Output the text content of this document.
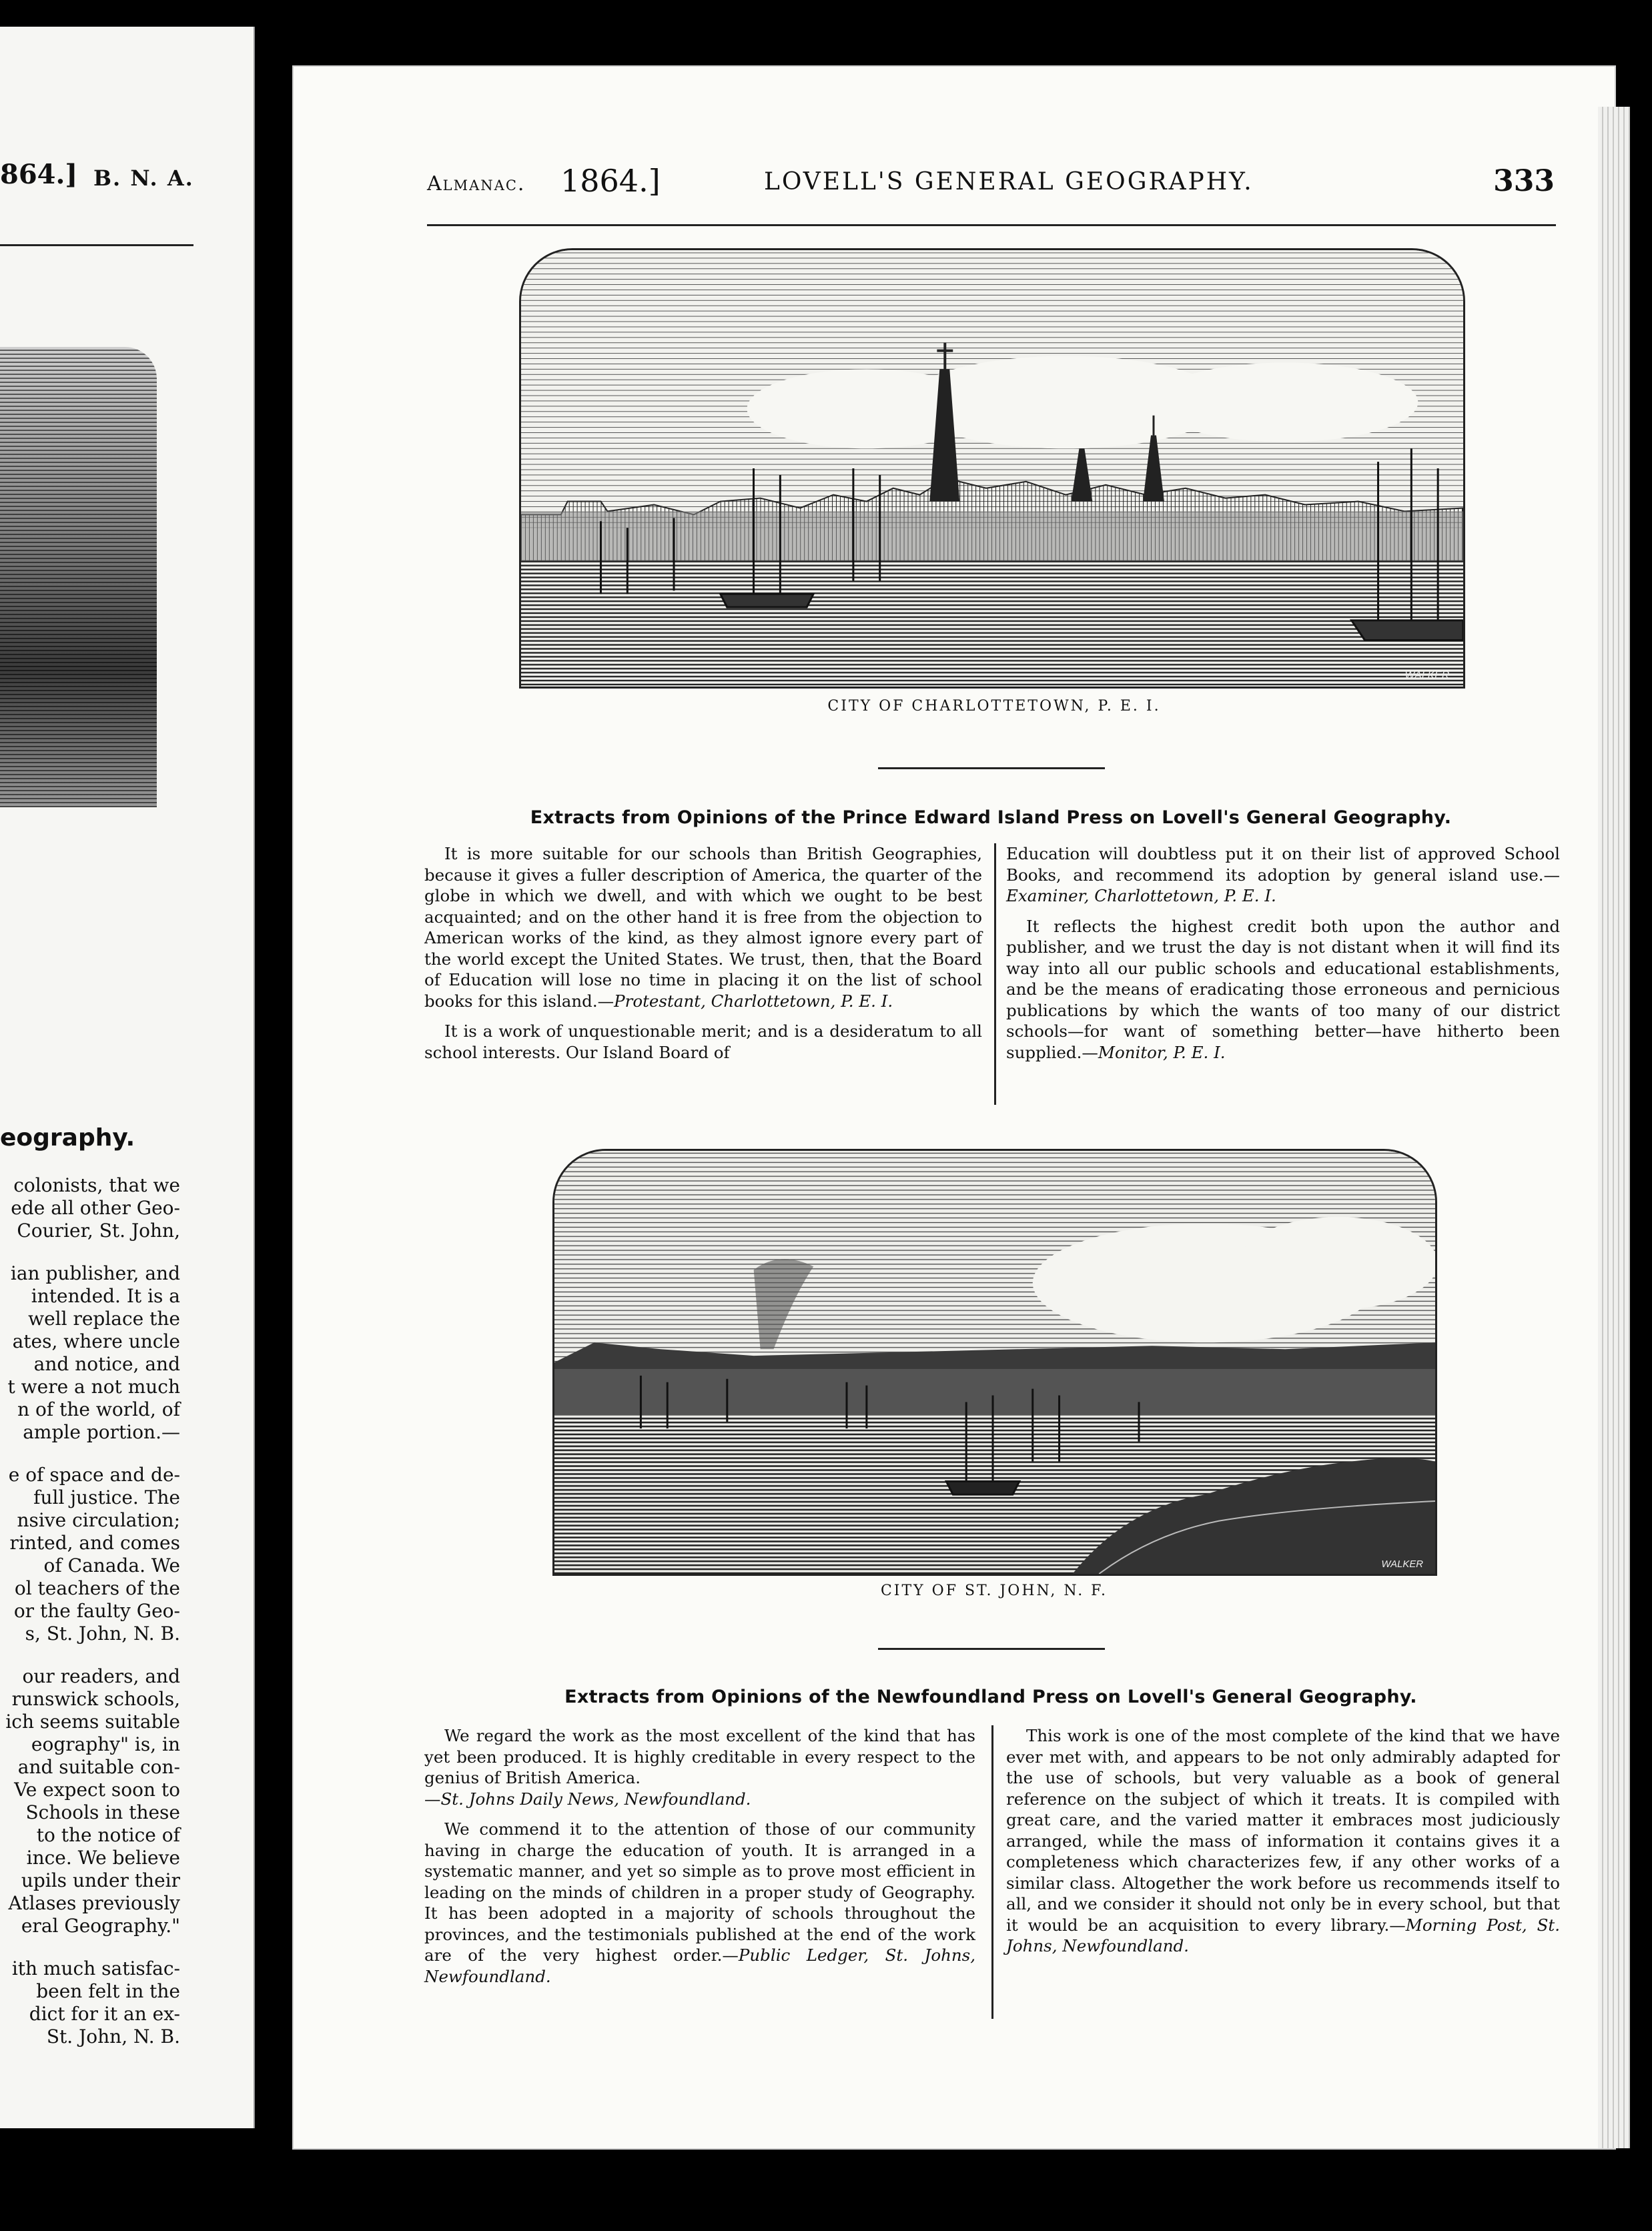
864.] B. N. A.
eography.
colonists, that we
ede all other Geo-
Courier, St. John,
ian publisher, and
intended. It is a
well replace the
ates, where uncle
and notice, and
t were a not much
n of the world, of
ample portion.—
e of space and de-
full justice. The
nsive circulation;
rinted, and comes
of Canada. We
ol teachers of the
or the faulty Geo-
s, St. John, N. B.
our readers, and
runswick schools,
ich seems suitable
eography" is, in
and suitable con-
Ve expect soon to
Schools in these
to the notice of
ince. We believe
upils under their
Atlases previously
eral Geography."
ith much satisfac-
been felt in the
dict for it an ex-
St. John, N. B.
Almanac. 1864.]	LOVELL'S GENERAL GEOGRAPHY.	333
WALKER
CITY OF CHARLOTTETOWN, P. E. I.
Extracts from Opinions of the Prince Edward Island Press on Lovell's General Geography.

It is more suitable for our schools than British Geographies, because it gives a fuller description of America, the quarter of the globe in which we dwell, and with which we ought to be best acquainted; and on the other hand it is free from the objection to American works of the kind, as they almost ignore every part of the world except the United States. We trust, then, that the Board of Education will lose no time in placing it on the list of school books for this island.—Protestant, Charlottetown, P. E. I.

It is a work of unquestionable merit; and is a desideratum to all school interests. Our Island Board of

Education will doubtless put it on their list of approved School Books, and recommend its adoption by general island use.—Examiner, Charlottetown, P. E. I.

It reflects the highest credit both upon the author and publisher, and we trust the day is not distant when it will find its way into all our public schools and educational establishments, and be the means of eradicating those erroneous and pernicious publications by which the wants of too many of our district schools—for want of something better—have hitherto been supplied.—Monitor, P. E. I.

WALKER
CITY OF ST. JOHN, N. F.
Extracts from Opinions of the Newfoundland Press on Lovell's General Geography.

We regard the work as the most excellent of the kind that has yet been produced. It is highly creditable in every respect to the genius of British America.
—St. Johns Daily News, Newfoundland.

We commend it to the attention of those of our community having in charge the education of youth. It is arranged in a systematic manner, and yet so simple as to prove most efficient in leading on the minds of children in a proper study of Geography. It has been adopted in a majority of schools throughout the provinces, and the testimonials published at the end of the work are of the very highest order.—Public Ledger, St. Johns, Newfoundland.

This work is one of the most complete of the kind that we have ever met with, and appears to be not only admirably adapted for the use of schools, but very valuable as a book of general reference on the subject of which it treats. It is compiled with great care, and the varied matter it embraces most judiciously arranged, while the mass of information it contains gives it a completeness which characterizes few, if any other works of a similar class. Altogether the work before us recommends itself to all, and we consider it should not only be in every school, but that it would be an acquisition to every library.—Morning Post, St. Johns, Newfoundland.
